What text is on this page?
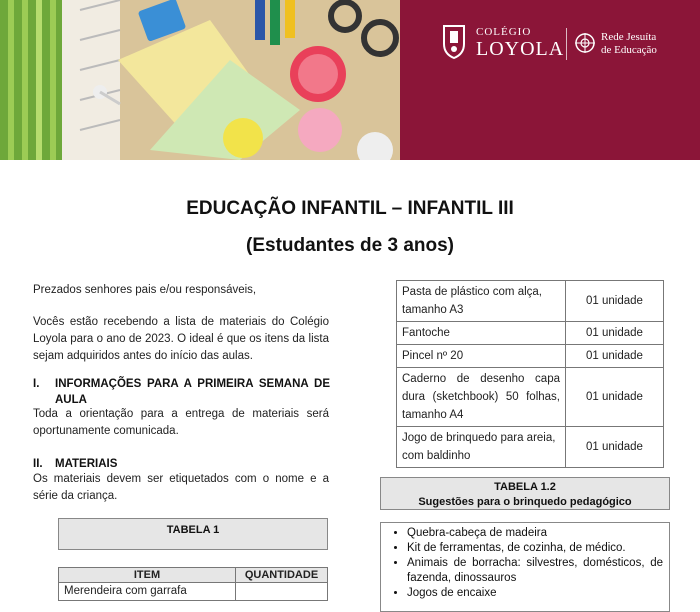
COLÉGIO
LOYOLA
Rede Jesuíta
de Educação
EDUCAÇÃO INFANTIL – INFANTIL III
(Estudantes de 3 anos)
Prezados senhores pais e/ou responsáveis,
Vocês estão recebendo a lista de materiais do Colégio Loyola para o ano de 2023. O ideal é que os itens da lista sejam adquiridos antes do início das aulas.
I. INFORMAÇÕES PARA A PRIMEIRA SEMANA DE AULA
Toda a orientação para a entrega de materiais será oportunamente comunicada.
II. MATERIAIS
Os materiais devem ser etiquetados com o nome e a série da criança.
TABELA 1
ITEM	QUANTIDADE
Merendeira com garrafa	
Pasta de plástico com alça, tamanho A3	01 unidade
Fantoche	01 unidade
Pincel nº 20	01 unidade
Caderno de desenho capa dura (sketchbook) 50 folhas, tamanho A4	01 unidade
Jogo de brinquedo para areia, com baldinho	01 unidade
TABELA 1.2
Sugestões para o brinquedo pedagógico
• Quebra-cabeça de madeira
• Kit de ferramentas, de cozinha, de médico.
• Animais de borracha: silvestres, domésticos, de fazenda, dinossauros
• Jogos de encaixe
